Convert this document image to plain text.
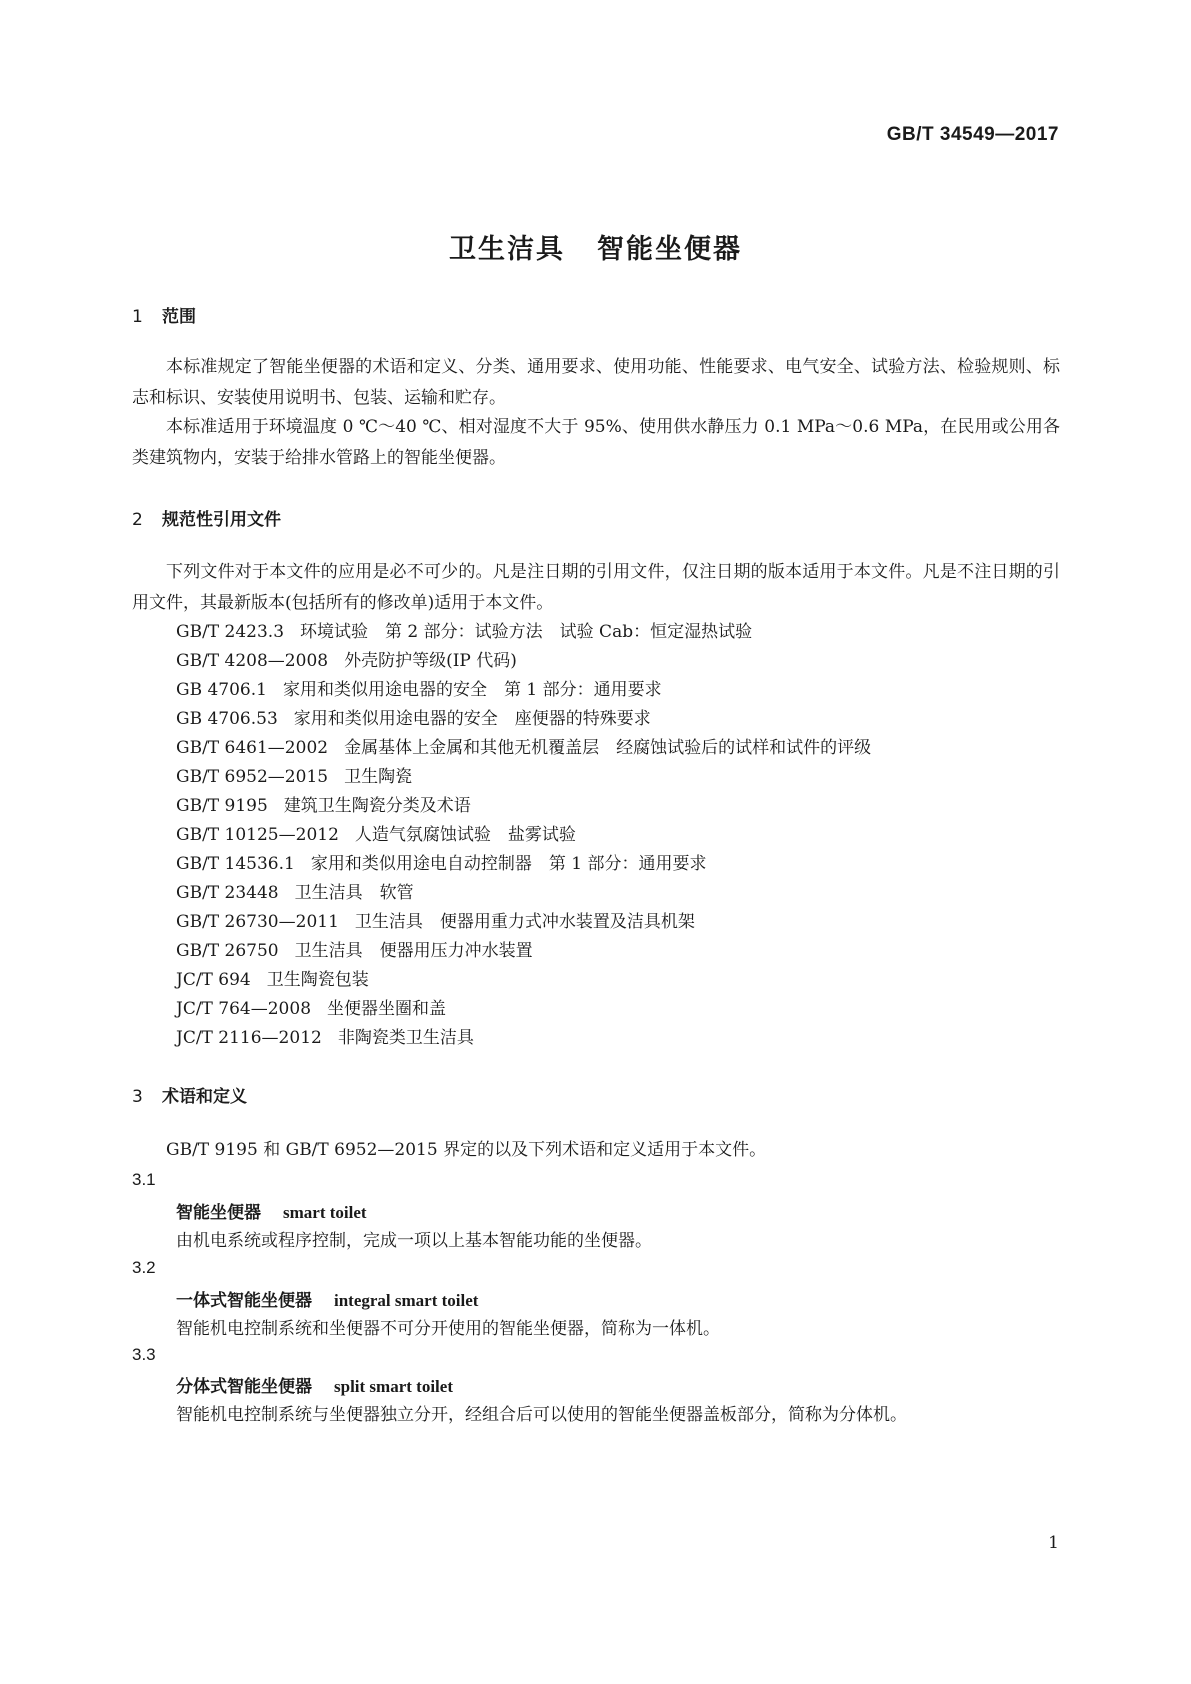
GB/T 34549—2017
卫生洁具 智能坐便器
1 范围
本标准规定了智能坐便器的术语和定义、分类、通用要求、使用功能、性能要求、电气安全、试验方法、检验规则、标志和标识、安装使用说明书、包装、运输和贮存。
本标准适用于环境温度 0 ℃～40 ℃、相对湿度不大于 95%、使用供水静压力 0.1 MPa～0.6 MPa，在民用或公用各类建筑物内，安装于给排水管路上的智能坐便器。
2 规范性引用文件
下列文件对于本文件的应用是必不可少的。凡是注日期的引用文件，仅注日期的版本适用于本文件。凡是不注日期的引用文件，其最新版本(包括所有的修改单)适用于本文件。
GB/T 2423.3 环境试验　第 2 部分：试验方法　试验 Cab：恒定湿热试验
GB/T 4208—2008 外壳防护等级(IP 代码)
GB 4706.1 家用和类似用途电器的安全　第 1 部分：通用要求
GB 4706.53 家用和类似用途电器的安全　座便器的特殊要求
GB/T 6461—2002 金属基体上金属和其他无机覆盖层　经腐蚀试验后的试样和试件的评级
GB/T 6952—2015 卫生陶瓷
GB/T 9195 建筑卫生陶瓷分类及术语
GB/T 10125—2012 人造气氛腐蚀试验　盐雾试验
GB/T 14536.1 家用和类似用途电自动控制器　第 1 部分：通用要求
GB/T 23448 卫生洁具　软管
GB/T 26730—2011 卫生洁具　便器用重力式冲水装置及洁具机架
GB/T 26750 卫生洁具　便器用压力冲水装置
JC/T 694 卫生陶瓷包装
JC/T 764—2008 坐便器坐圈和盖
JC/T 2116—2012 非陶瓷类卫生洁具
3 术语和定义
GB/T 9195 和 GB/T 6952—2015 界定的以及下列术语和定义适用于本文件。
3.1
智能坐便器 smart toilet
由机电系统或程序控制，完成一项以上基本智能功能的坐便器。
3.2
一体式智能坐便器 integral smart toilet
智能机电控制系统和坐便器不可分开使用的智能坐便器，简称为一体机。
3.3
分体式智能坐便器 split smart toilet
智能机电控制系统与坐便器独立分开，经组合后可以使用的智能坐便器盖板部分，简称为分体机。
1
